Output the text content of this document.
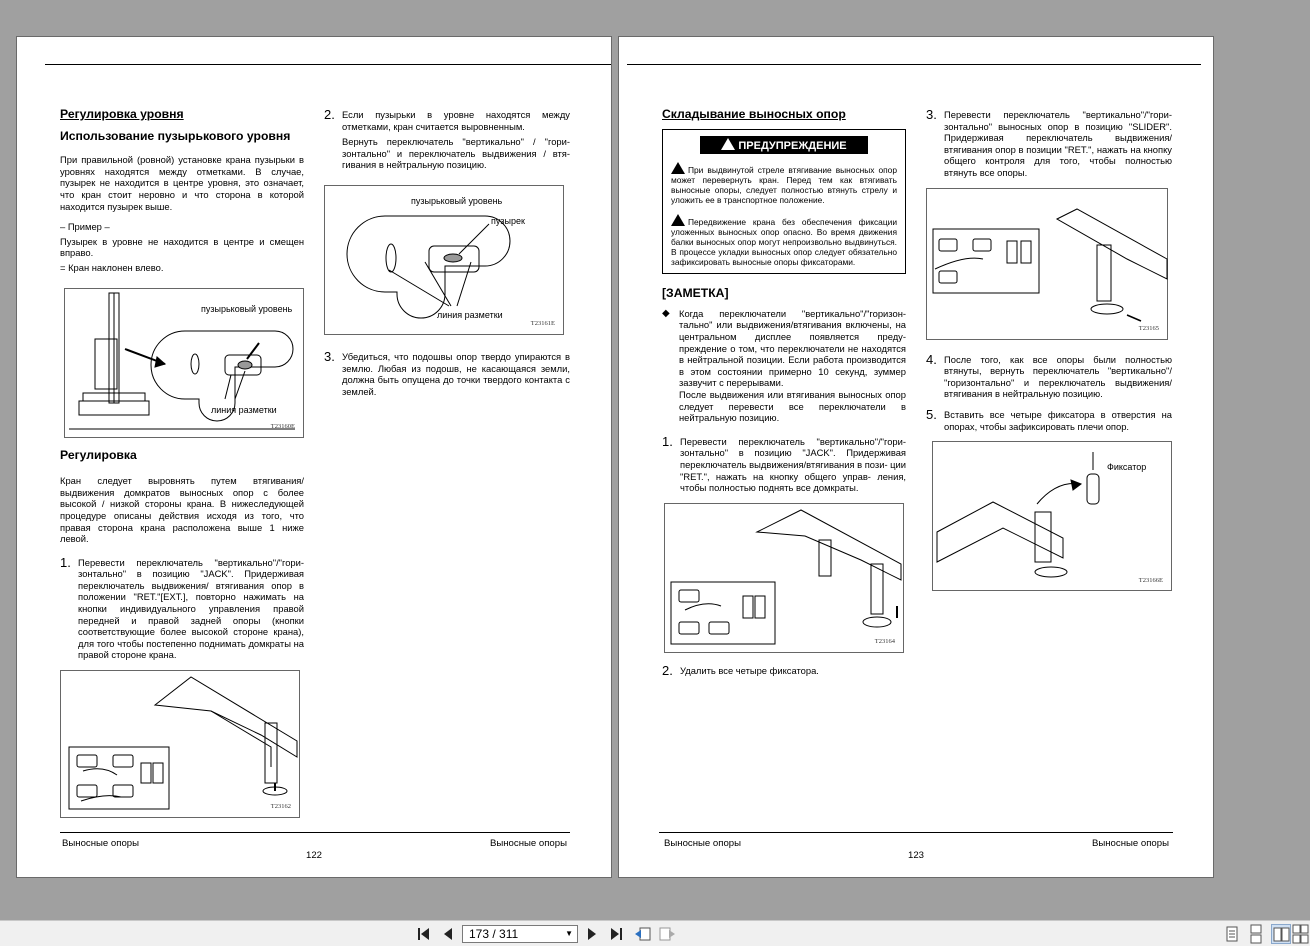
Регулировка уровня
Использование пузырькового уровня
При правильной (ровной) установке крана пузырьки в уровнях находятся между отметками. В случае, пузырек не находится в центре уровня, это означает, что кран стоит неровно и что сторона в которой находится пузырек выше.
– Пример –
Пузырек в уровне не находится в центре и смещен вправо.
= Кран наклонен влево.
пузырьковый уровень
линия разметки
T23160E
Регулировка
Кран следует выровнять путем втягивания/ выдвижения домкратов выносных опор с более высокой / низкой стороны крана. В нижеследующей процедуре описаны действия исходя из того, что правая сторона крана расположена выше 1 ниже левой.
1. Перевести переключатель "вертикально"/"гори- зонтально" в позицию "JACK". Придерживая переключатель выдвижения/ втягивания опор в положении "RET."[EXT.], повторно нажимать на кнопки индивидуального управления правой передней и правой задней опоры (кнопки соответствующие более высокой стороне крана), для того чтобы постепенно поднимать домкраты на правой стороне крана.
T23162
2. Если пузырьки в уровне находятся между отметками, кран считается выровненным.
Вернуть переключатель "вертикально" / "гори- зонтально" и переключатель выдвижения / втя- гивания в нейтральную позицию.
пузырьковый уровень
пузырек
линия разметки
T23161E
3. Убедиться, что подошвы опор твердо упираются в землю. Любая из подошв, не касающаяся земли, должна быть опущена до точки твердого контакта с землей.
Выносные опоры	Выносные опоры
122
Складывание выносных опор
ПРЕДУПРЕЖДЕНИЕ
При выдвинутой стреле втягивание выносных опор может перевернуть кран. Перед тем как втягивать выносные опоры, следует полностью втянуть стрелу и уложить ее в транспортное положение.
Передвижение крана без обеспечения фиксации уложенных выносных опор опасно. Во время движения балки выносных опор могут непроизвольно выдвинуться. В процессе укладки выносных опор следует обязательно зафиксировать выносные опоры фиксаторами.
[ЗАМЕТКА]
◆ Когда переключатели "вертикально"/"горизон- тально" или выдвижения/втягивания включены, на центральном дисплее появляется преду- преждение о том, что переключатели не находятся в нейтральной позиции. Если работа производится в этом состоянии примерно 10 секунд, зуммер зазвучит с перерывами.
После выдвижения или втягивания выносных опор следует перевести все переключатели в нейтральную позицию.
1. Перевести переключатель "вертикально"/"гори- зонтально" в позицию "JACK". Придерживая переключатель выдвижения/втягивания в пози- ции "RET.", нажать на кнопку общего управ- ления, чтобы полностью поднять все домкраты.
T23164
2. Удалить все четыре фиксатора.
3. Перевести переключатель "вертикально"/"гори- зонтально" выносных опор в позицию "SLIDER". Придерживая переключатель выдвижения/ втягивания опор в позиции "RET.", нажать на кнопку общего контроля для того, чтобы полностью втянуть все опоры.
T23165
4. После того, как все опоры были полностью втянуты, вернуть переключатель "вертикально"/ "горизонтально" и переключатель выдвижения/ втягивания в нейтральную позицию.
5. Вставить все четыре фиксатора в отверстия на опорах, чтобы зафиксировать плечи опор.
Фиксатор
T23166E
Выносные опоры	Выносные опоры
123
173 / 311	▼
